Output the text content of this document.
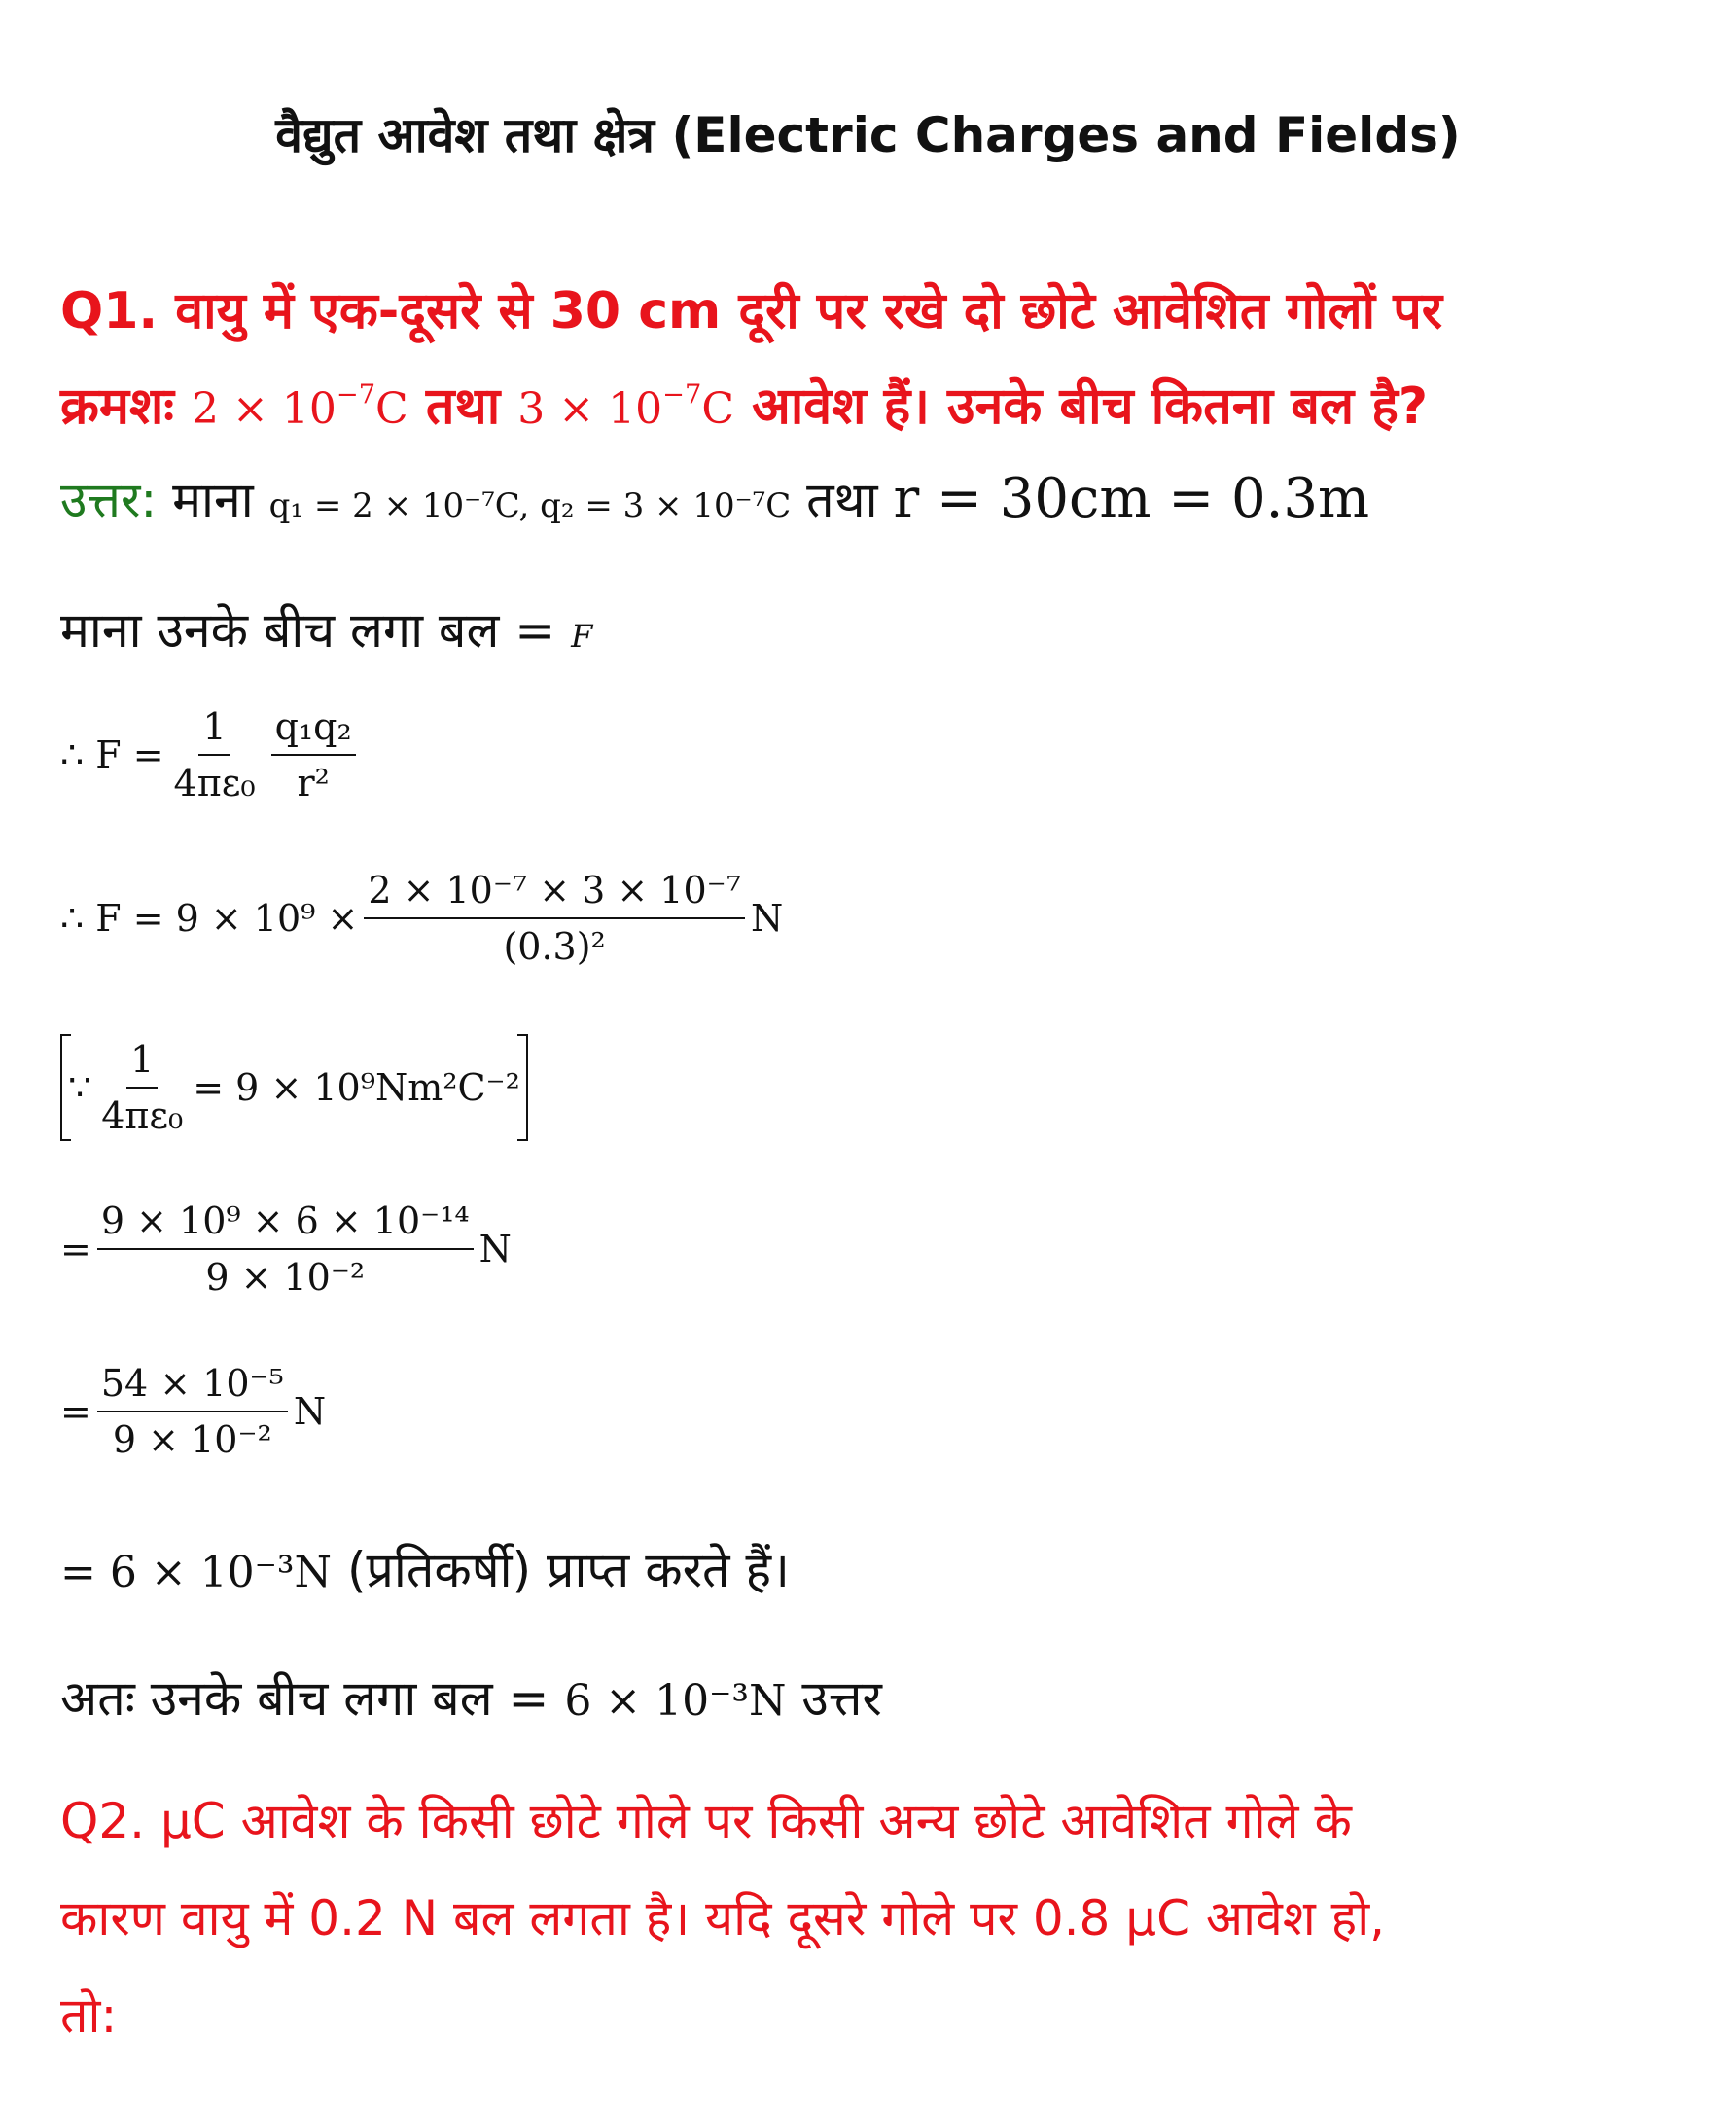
वैद्युत आवेश तथा क्षेत्र (Electric Charges and Fields)
Q1. वायु में एक-दूसरे से 30 cm दूरी पर रखे दो छोटे आवेशित गोलों पर
क्रमशः $2 \times 10^{-7}C$ तथा $3 \times 10^{-7}C$ आवेश हैं। उनके बीच कितना बल है?
उत्तर: माना q₁ = 2 × 10⁻⁷C, q₂ = 3 × 10⁻⁷C तथा r = 30cm = 0.3m
माना उनके बीच लगा बल = F
∴ $F = \frac{1}{\text{4πε₀}} \frac{\text{q₁q₂}}{\text{r²}}$
∴ $F = 9 \times 10^9 \times \frac{\text{2 × 10⁻⁷ × 3 × 10⁻⁷}}{\text{(0.3)²}}$ N
∵ $\frac{1}{\text{4πε₀}} = 9 \times 10^9Nm^2C^{-2}$
= $\frac{\text{9 × 10⁹ × 6 × 10⁻¹⁴}}{\text{9 × 10⁻²}}$ N
= $\frac{\text{54 × 10⁻⁵}}{\text{9 × 10⁻²}}$ N
= 6 × 10⁻³N (प्रतिकर्षी) प्राप्त करते हैं।
अतः उनके बीच लगा बल = 6 × 10⁻³N उत्तर
Q2. µC आवेश के किसी छोटे गोले पर किसी अन्य छोटे आवेशित गोले के
कारण वायु में 0.2 N बल लगता है। यदि दूसरे गोले पर 0.8 µC आवेश हो,
तो:
